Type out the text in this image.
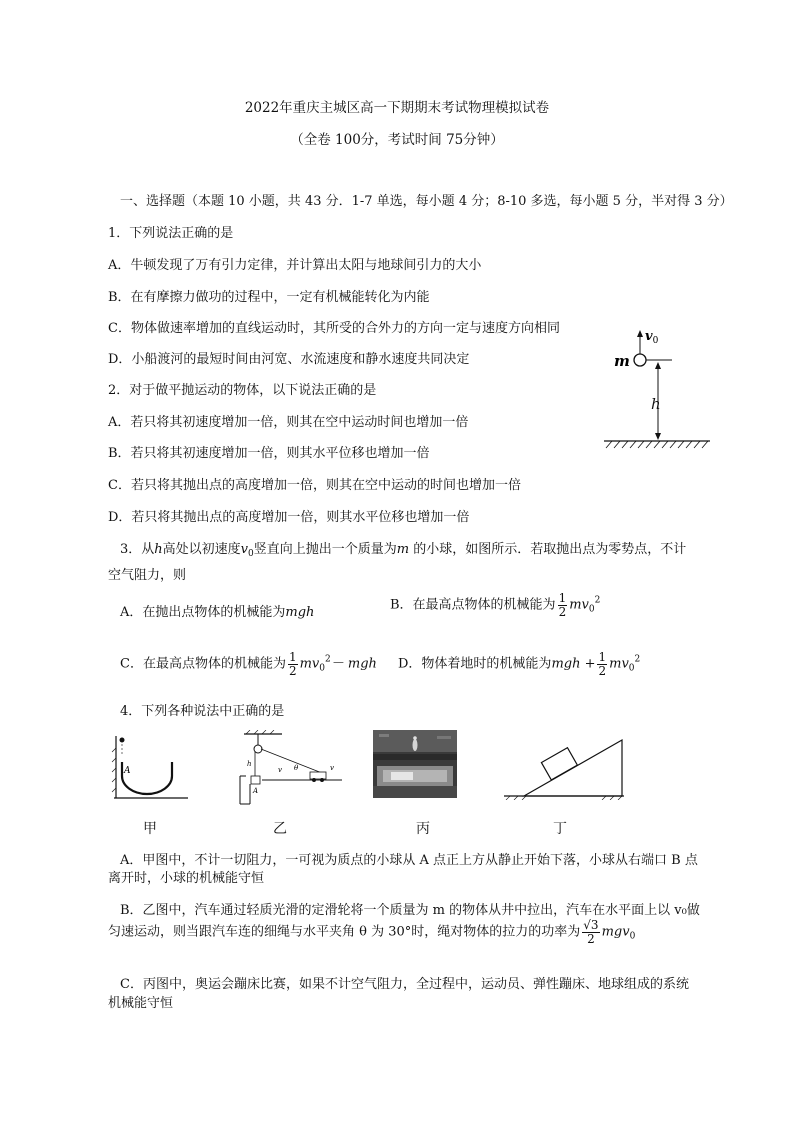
2022年重庆主城区高一下期期末考试物理模拟试卷
（全卷 100分，考试时间 75分钟）
一、选择题（本题 10 小题，共 43 分．1-7 单选，每小题 4 分；8-10 多选，每小题 5 分，半对得 3 分）
1．下列说法正确的是
A．牛顿发现了万有引力定律，并计算出太阳与地球间引力的大小
B．在有摩擦力做功的过程中，一定有机械能转化为内能
C．物体做速率增加的直线运动时，其所受的合外力的方向一定与速度方向相同
D．小船渡河的最短时间由河宽、水流速度和静水速度共同决定
2．对于做平抛运动的物体，以下说法正确的是
A．若只将其初速度增加一倍，则其在空中运动时间也增加一倍
B．若只将其初速度增加一倍，则其水平位移也增加一倍
C．若只将其抛出点的高度增加一倍，则其在空中运动的时间也增加一倍
D．若只将其抛出点的高度增加一倍，则其水平位移也增加一倍
m
$v_0$
h
3．从h高处以初速度$v_0$竖直向上抛出一个质量为m 的小球，如图所示．若取抛出点为零势点，不计
空气阻力，则
A．在抛出点物体的机械能为mgh	B．在最高点物体的机械能为 $\frac{1}{2} mv_0^2$
C．在最高点物体的机械能为 $\frac{1}{2} mv_0^2-$ mgh D．物体着地时的机械能为mgh + $\frac{1}{2} mv_0^2$
4．下列各种说法中正确的是
A
A
h	θ
v	v
甲	乙	丙	丁
A．甲图中，不计一切阻力，一可视为质点的小球从 A 点正上方从静止开始下落，小球从右端口 B 点
离开时，小球的机械能守恒
B．乙图中，汽车通过轻质光滑的定滑轮将一个质量为 m 的物体从井中拉出，汽车在水平面上以 v₀做
匀速运动，则当跟汽车连的细绳与水平夹角 θ 为 30°时，绳对物体的拉力的功率为 $\frac{√3}{2} mgv_0$
C．丙图中，奥运会蹦床比赛，如果不计空气阻力，全过程中，运动员、弹性蹦床、地球组成的系统
机械能守恒
